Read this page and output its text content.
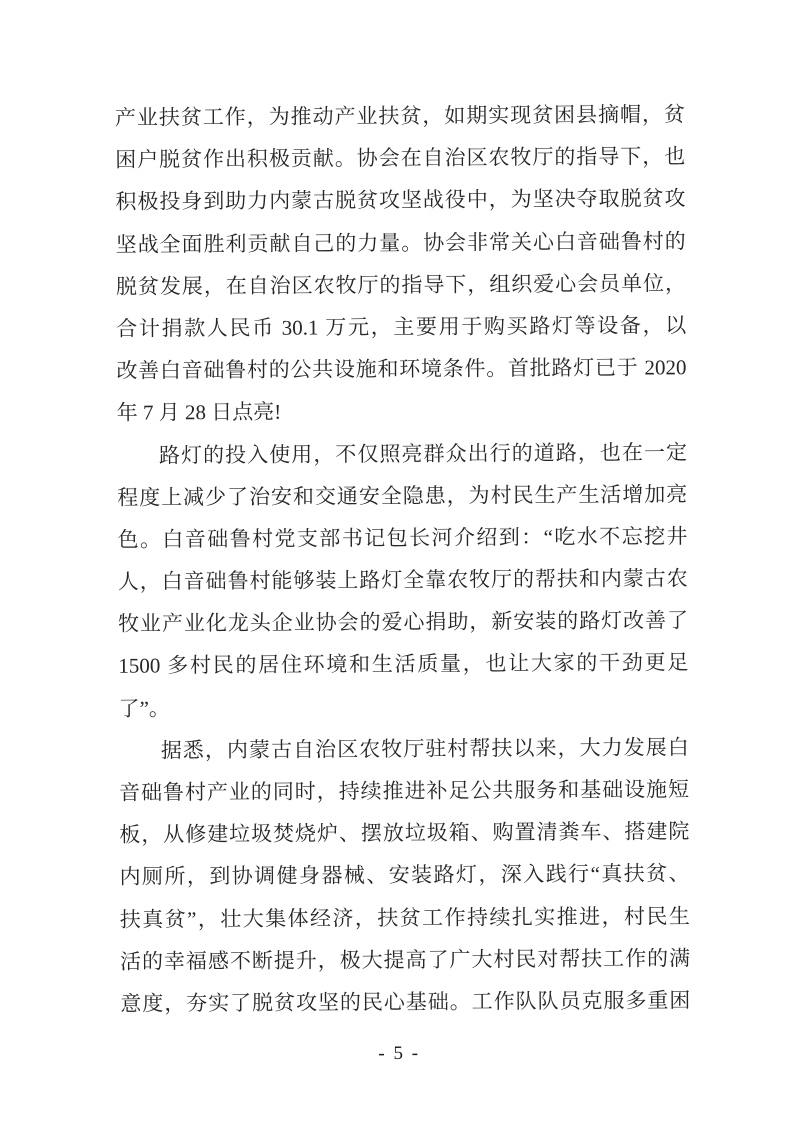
产业扶贫工作，为推动产业扶贫，如期实现贫困县摘帽，贫
困户脱贫作出积极贡献。协会在自治区农牧厅的指导下，也
积极投身到助力内蒙古脱贫攻坚战役中，为坚决夺取脱贫攻
坚战全面胜利贡献自己的力量。协会非常关心白音础鲁村的
脱贫发展，在自治区农牧厅的指导下，组织爱心会员单位，
合计捐款人民币 30.1 万元，主要用于购买路灯等设备，以
改善白音础鲁村的公共设施和环境条件。首批路灯已于 2020
年 7 月 28 日点亮!
路灯的投入使用，不仅照亮群众出行的道路，也在一定
程度上减少了治安和交通安全隐患，为村民生产生活增加亮
色。白音础鲁村党支部书记包长河介绍到：“吃水不忘挖井
人，白音础鲁村能够装上路灯全靠农牧厅的帮扶和内蒙古农
牧业产业化龙头企业协会的爱心捐助，新安装的路灯改善了
1500 多村民的居住环境和生活质量，也让大家的干劲更足
了”。
据悉，内蒙古自治区农牧厅驻村帮扶以来，大力发展白
音础鲁村产业的同时，持续推进补足公共服务和基础设施短
板，从修建垃圾焚烧炉、摆放垃圾箱、购置清粪车、搭建院
内厕所，到协调健身器械、安装路灯，深入践行“真扶贫、
扶真贫”，壮大集体经济，扶贫工作持续扎实推进，村民生
活的幸福感不断提升，极大提高了广大村民对帮扶工作的满
意度，夯实了脱贫攻坚的民心基础。工作队队员克服多重困
- 5 -
